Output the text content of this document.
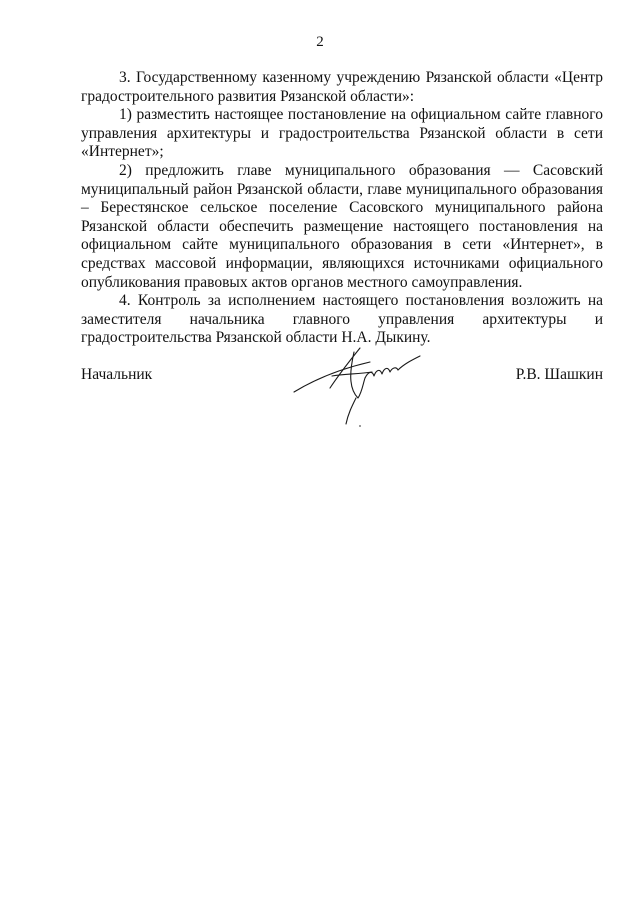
2

3. Государственному казенному учреждению Рязанской области «Центр градостроительного развития Рязанской области»:

1) разместить настоящее постановление на официальном сайте главного управления архитектуры и градостроительства Рязанской области в сети «Интернет»;

2) предложить главе муниципального образования — Сасовский муниципальный район Рязанской области, главе муниципального образования – Берестянское сельское поселение Сасовского муниципального района Рязанской области обеспечить размещение настоящего постановления на официальном сайте муниципального образования в сети «Интернет», в средствах массовой информации, являющихся источниками официального опубликования правовых актов органов местного самоуправления.

4. Контроль за исполнением настоящего постановления возложить на заместителя начальника главного управления архитектуры и градостроительства Рязанской области Н.А. Дыкину.

Начальник	Р.В. Шашкин
